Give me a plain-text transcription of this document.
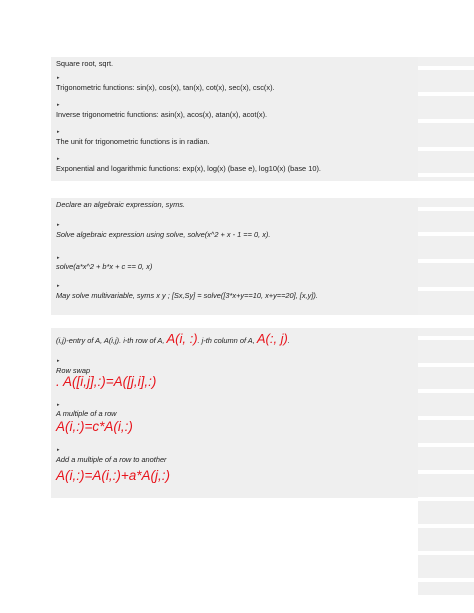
Square root, sqrt.
▸
Trigonometric functions: sin(x), cos(x), tan(x), cot(x), sec(x), csc(x).
▸
Inverse trigonometric functions: asin(x), acos(x), atan(x), acot(x).
▸
The unit for trigonometric functions is in radian.
▸
Exponential and logarithmic functions: exp(x), log(x) (base e), log10(x) (base 10).
Declare an algebraic expression, syms.
▸
Solve algebraic expression using solve, solve(x^2 + x - 1 == 0, x).
▸
solve(a*x^2 + b*x + c == 0, x)
▸
May solve multivariable, syms x y ; [Sx,Sy] = solve([3*x+y==10, x+y==20], [x,y]).
(i,j)-entry of A, A(i,j). i-th row of A, A(i, :). j-th column of A, A(:, j).
▸
Row swap
. A([i,j],:)=A([j,i],:)
▸
A multiple of a row
A(i,:)=c*A(i,:)
▸
Add a multiple of a row to another
A(i,:)=A(i,:)+a*A(j,:)
